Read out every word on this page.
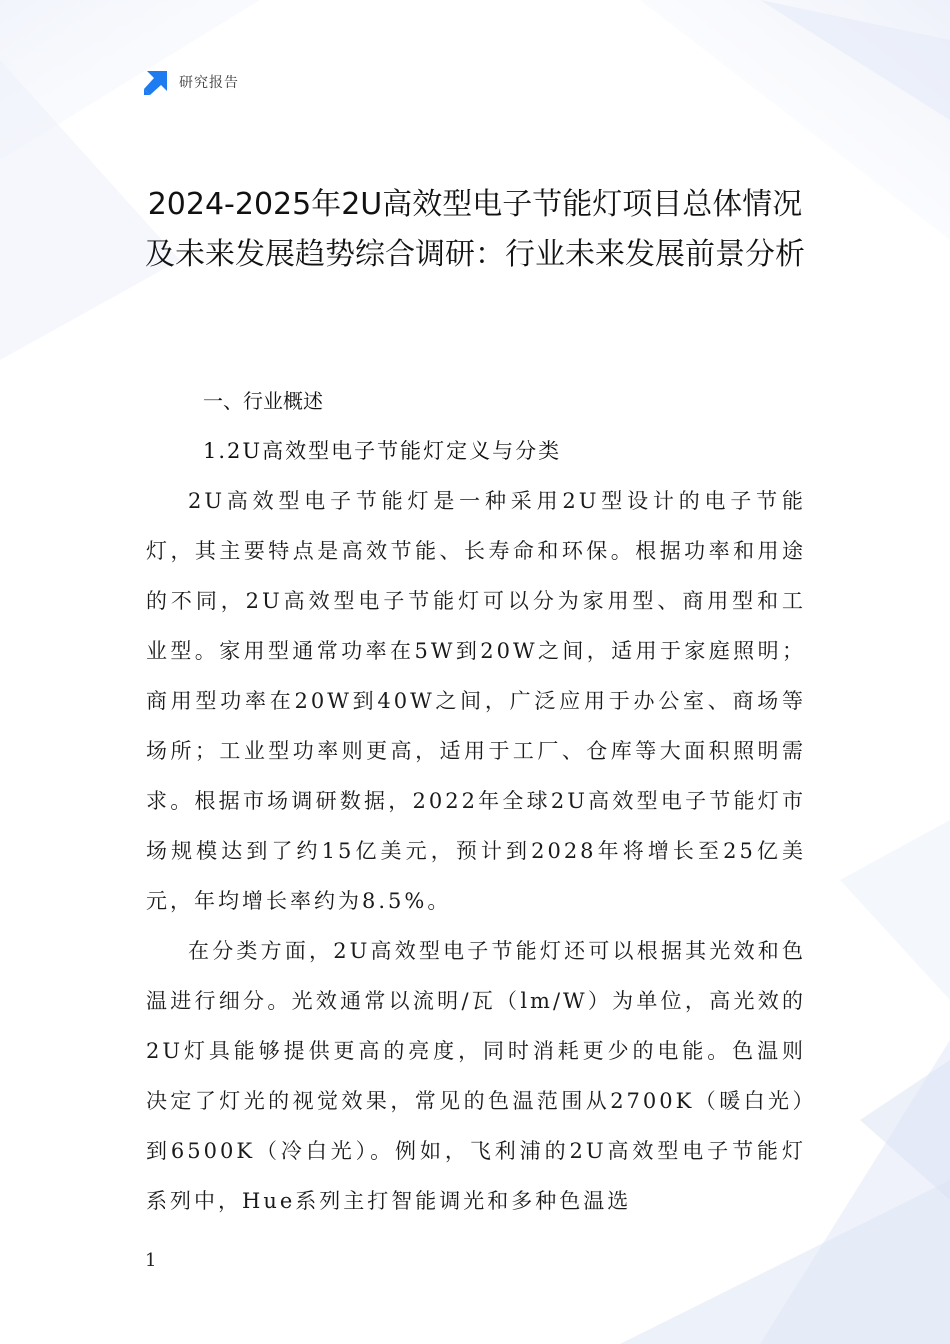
研究报告
2024-2025年2U高效型电子节能灯项目总体情况及未来发展趋势综合调研：行业未来发展前景分析
一、行业概述
1.2U高效型电子节能灯定义与分类

2U高效型电子节能灯是一种采用2U型设计的电子节能灯，其主要特点是高效节能、长寿命和环保。根据功率和用途的不同，2U高效型电子节能灯可以分为家用型、商用型和工业型。家用型通常功率在5W到20W之间，适用于家庭照明；商用型功率在20W到40W之间，广泛应用于办公室、商场等场所；工业型功率则更高，适用于工厂、仓库等大面积照明需求。根据市场调研数据，2022年全球2U高效型电子节能灯市场规模达到了约15亿美元，预计到2028年将增长至25亿美元，年均增长率约为8.5%。

在分类方面，2U高效型电子节能灯还可以根据其光效和色温进行细分。光效通常以流明/瓦（lm/W）为单位，高光效的2U灯具能够提供更高的亮度，同时消耗更少的电能。色温则决定了灯光的视觉效果，常见的色温范围从2700K（暖白光）到6500K（冷白光）。例如，飞利浦的2U高效型电子节能灯系列中，Hue系列主打智能调光和多种色温选

1
